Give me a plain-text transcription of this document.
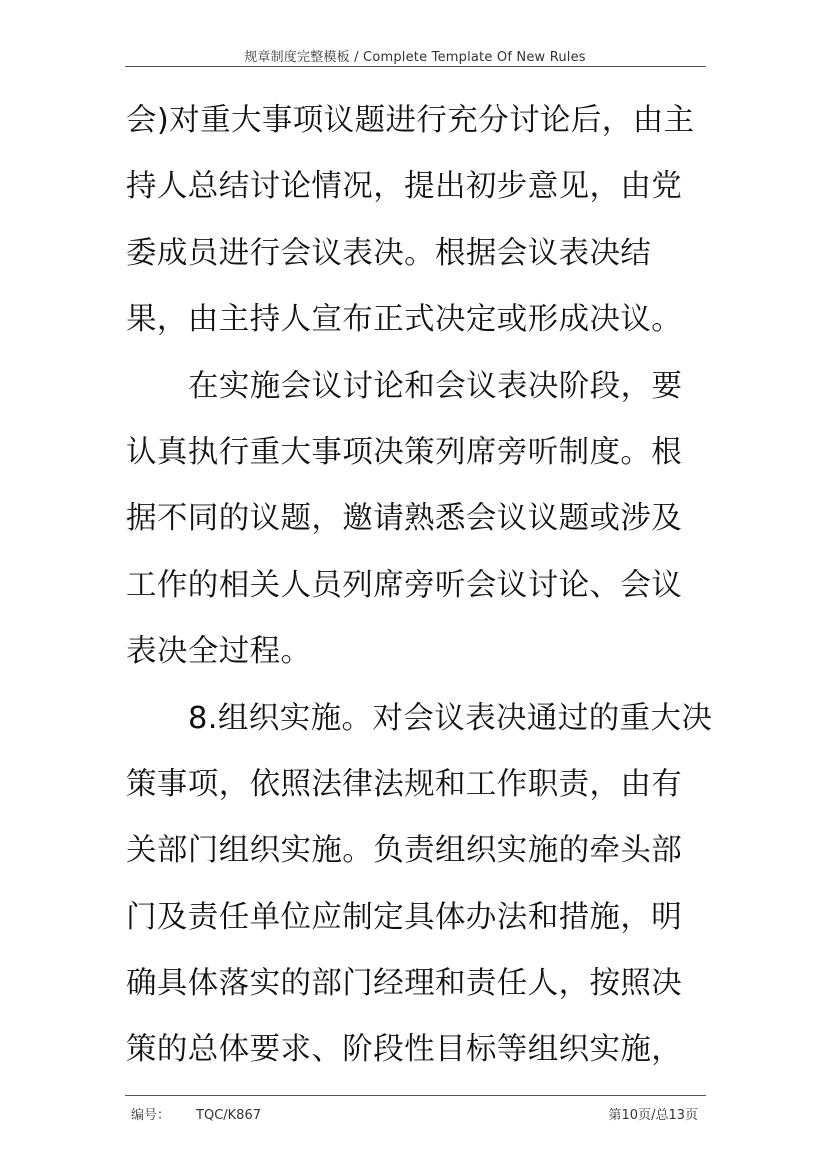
规章制度完整模板 / Complete Template Of New Rules
会)对重大事项议题进行充分讨论后，由主
持人总结讨论情况，提出初步意见，由党
委成员进行会议表决。根据会议表决结
果，由主持人宣布正式决定或形成决议。
在实施会议讨论和会议表决阶段，要
认真执行重大事项决策列席旁听制度。根
据不同的议题，邀请熟悉会议议题或涉及
工作的相关人员列席旁听会议讨论、会议
表决全过程。
8.组织实施。对会议表决通过的重大决
策事项，依照法律法规和工作职责，由有
关部门组织实施。负责组织实施的牵头部
门及责任单位应制定具体办法和措施，明
确具体落实的部门经理和责任人，按照决
策的总体要求、阶段性目标等组织实施，
编号： TQC/K867	第10页/总13页
